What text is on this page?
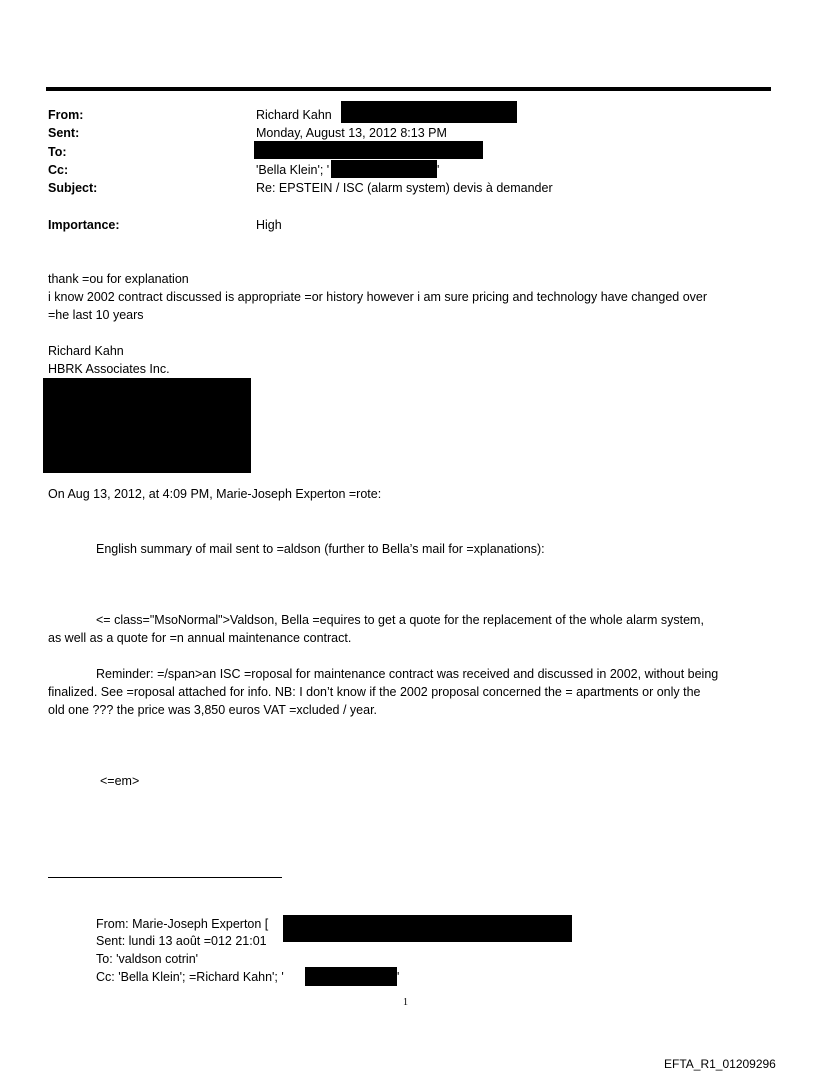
From:
Sent:
To:
Cc:
Subject:
Importance:
Richard Kahn
Monday, August 13, 2012 8:13 PM
'Bella Klein'; '	'
Re: EPSTEIN / ISC (alarm system) devis à demander
High
thank =ou for explanation
i know 2002 contract discussed is appropriate =or history however i am sure pricing and technology have changed over
=he last 10 years
Richard Kahn
HBRK Associates Inc.
On Aug 13, 2012, at 4:09 PM, Marie-Joseph Experton =rote:
English summary of mail sent to =aldson (further to Bella’s mail for =xplanations):
<= class="MsoNormal">Valdson, Bella =equires to get a quote for the replacement of the whole alarm system,
as well as a quote for =n annual maintenance contract.
Reminder: =/span>an ISC =roposal for maintenance contract was received and discussed in 2002, without being
finalized. See =roposal attached for info. NB: I don’t know if the 2002 proposal concerned the = apartments or only the
old one ??? the price was 3,850 euros VAT =xcluded / year.
<=em>
From: Marie-Joseph Experton [
Sent: lundi 13 août =012 21:01
To: 'valdson cotrin'
Cc: 'Bella Klein'; =Richard Kahn'; '	'
1
EFTA_R1_01209296
